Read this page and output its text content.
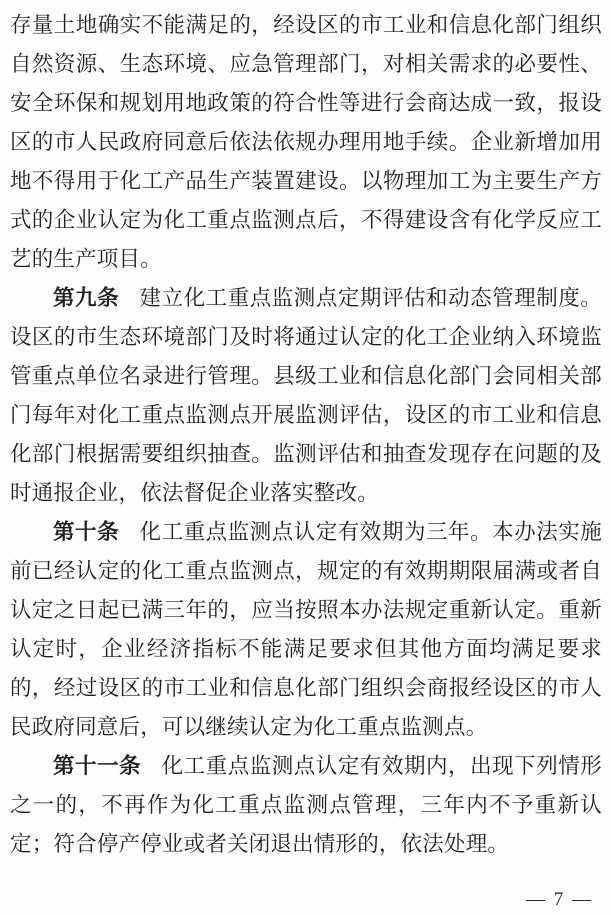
存量土地确实不能满足的，经设区的市工业和信息化部门组织自然资源、生态环境、应急管理部门，对相关需求的必要性、安全环保和规划用地政策的符合性等进行会商达成一致，报设区的市人民政府同意后依法依规办理用地手续。企业新增加用地不得用于化工产品生产装置建设。以物理加工为主要生产方式的企业认定为化工重点监测点后，不得建设含有化学反应工艺的生产项目。

第九条 建立化工重点监测点定期评估和动态管理制度。设区的市生态环境部门及时将通过认定的化工企业纳入环境监管重点单位名录进行管理。县级工业和信息化部门会同相关部门每年对化工重点监测点开展监测评估，设区的市工业和信息化部门根据需要组织抽查。监测评估和抽查发现存在问题的及时通报企业，依法督促企业落实整改。

第十条 化工重点监测点认定有效期为三年。本办法实施前已经认定的化工重点监测点，规定的有效期期限届满或者自认定之日起已满三年的，应当按照本办法规定重新认定。重新认定时，企业经济指标不能满足要求但其他方面均满足要求的，经过设区的市工业和信息化部门组织会商报经设区的市人民政府同意后，可以继续认定为化工重点监测点。

第十一条 化工重点监测点认定有效期内，出现下列情形之一的，不再作为化工重点监测点管理，三年内不予重新认定；符合停产停业或者关闭退出情形的，依法处理。

— 7 —
